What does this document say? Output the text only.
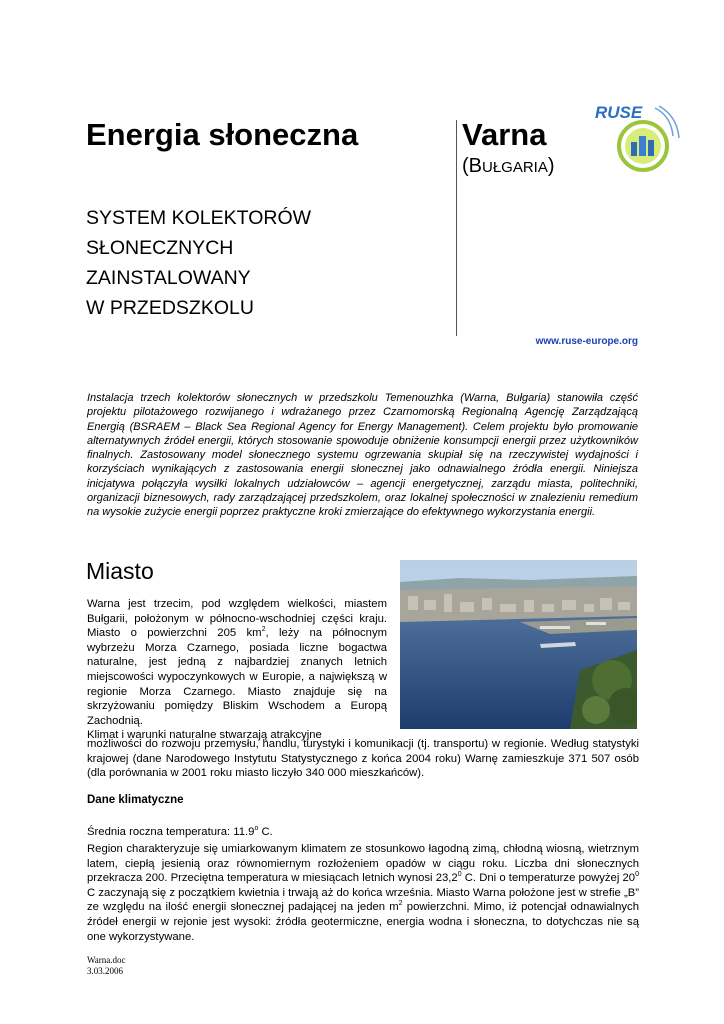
Energia słoneczna	Varna
(BUŁGARIA)
SYSTEM KOLEKTORÓW
SŁONECZNYCH
ZAINSTALOWANY
W PRZEDSZKOLU
RUSE
www.ruse-europe.org
Instalacja trzech kolektorów słonecznych w przedszkolu Temenouzhka (Warna, Bułgaria) stanowiła część projektu pilotażowego rozwijanego i wdrażanego przez Czarnomorską Regionalną Agencję Zarządzającą Energią (BSRAEM – Black Sea Regional Agency for Energy Management). Celem projektu było promowanie alternatywnych źródeł energii, których stosowanie spowoduje obniżenie konsumpcji energii przez użytkowników finalnych. Zastosowany model słonecznego systemu ogrzewania skupiał się na rzeczywistej wydajności i korzyściach wynikających z zastosowania energii słonecznej jako odnawialnego źródła energii. Niniejsza inicjatywa połączyła wysiłki lokalnych udziałowców – agencji energetycznej, zarządu miasta, politechniki, organizacji biznesowych, rady zarządzającej przedszkolem, oraz lokalnej społeczności w znalezieniu remedium na wysokie zużycie energii poprzez praktyczne kroki zmierzające do efektywnego wykorzystania energii.
Miasto
Warna jest trzecim, pod względem wielkości, miastem Bułgarii, położonym w północno-wschodniej części kraju. Miasto o powierzchni 205 $km^2$, leży na północnym wybrzeżu Morza Czarnego, posiada liczne bogactwa naturalne, jest jedną z najbardziej znanych letnich miejscowości wypoczynkowych w Europie, a największą w regionie Morza Czarnego. Miasto znajduje się na skrzyżowaniu pomiędzy Bliskim Wschodem a Europą Zachodnią.
Klimat i warunki naturalne stwarzają atrakcyjne
możliwości do rozwoju przemysłu, handlu, turystyki i komunikacji (tj. transportu) w regionie. Według statystyki krajowej (dane Narodowego Instytutu Statystycznego z końca 2004 roku) Warnę zamieszkuje 371 507 osób (dla porównania w 2001 roku miasto liczyło 340 000 mieszkańców).
Dane klimatyczne
Średnia roczna temperatura: 11.9$^o$ C.
Region charakteryzuje się umiarkowanym klimatem ze stosunkowo łagodną zimą, chłodną wiosną, wietrznym latem, ciepłą jesienią oraz równomiernym rozłożeniem opadów w ciągu roku. Liczba dni słonecznych przekracza 200. Przeciętna temperatura w miesiącach letnich wynosi 23,2$^0$ C. Dni o temperaturze powyżej $20^0$ C zaczynają się z początkiem kwietnia i trwają aż do końca września. Miasto Warna położone jest w strefie „B” ze względu na ilość energii słonecznej padającej na jeden $m^2$ powierzchni. Mimo, iż potencjał odnawialnych źródeł energii w rejonie jest wysoki: źródła geotermiczne, energia wodna i słoneczna, to dotychczas nie są one wykorzystywane.
Warna.doc
3.03.2006
